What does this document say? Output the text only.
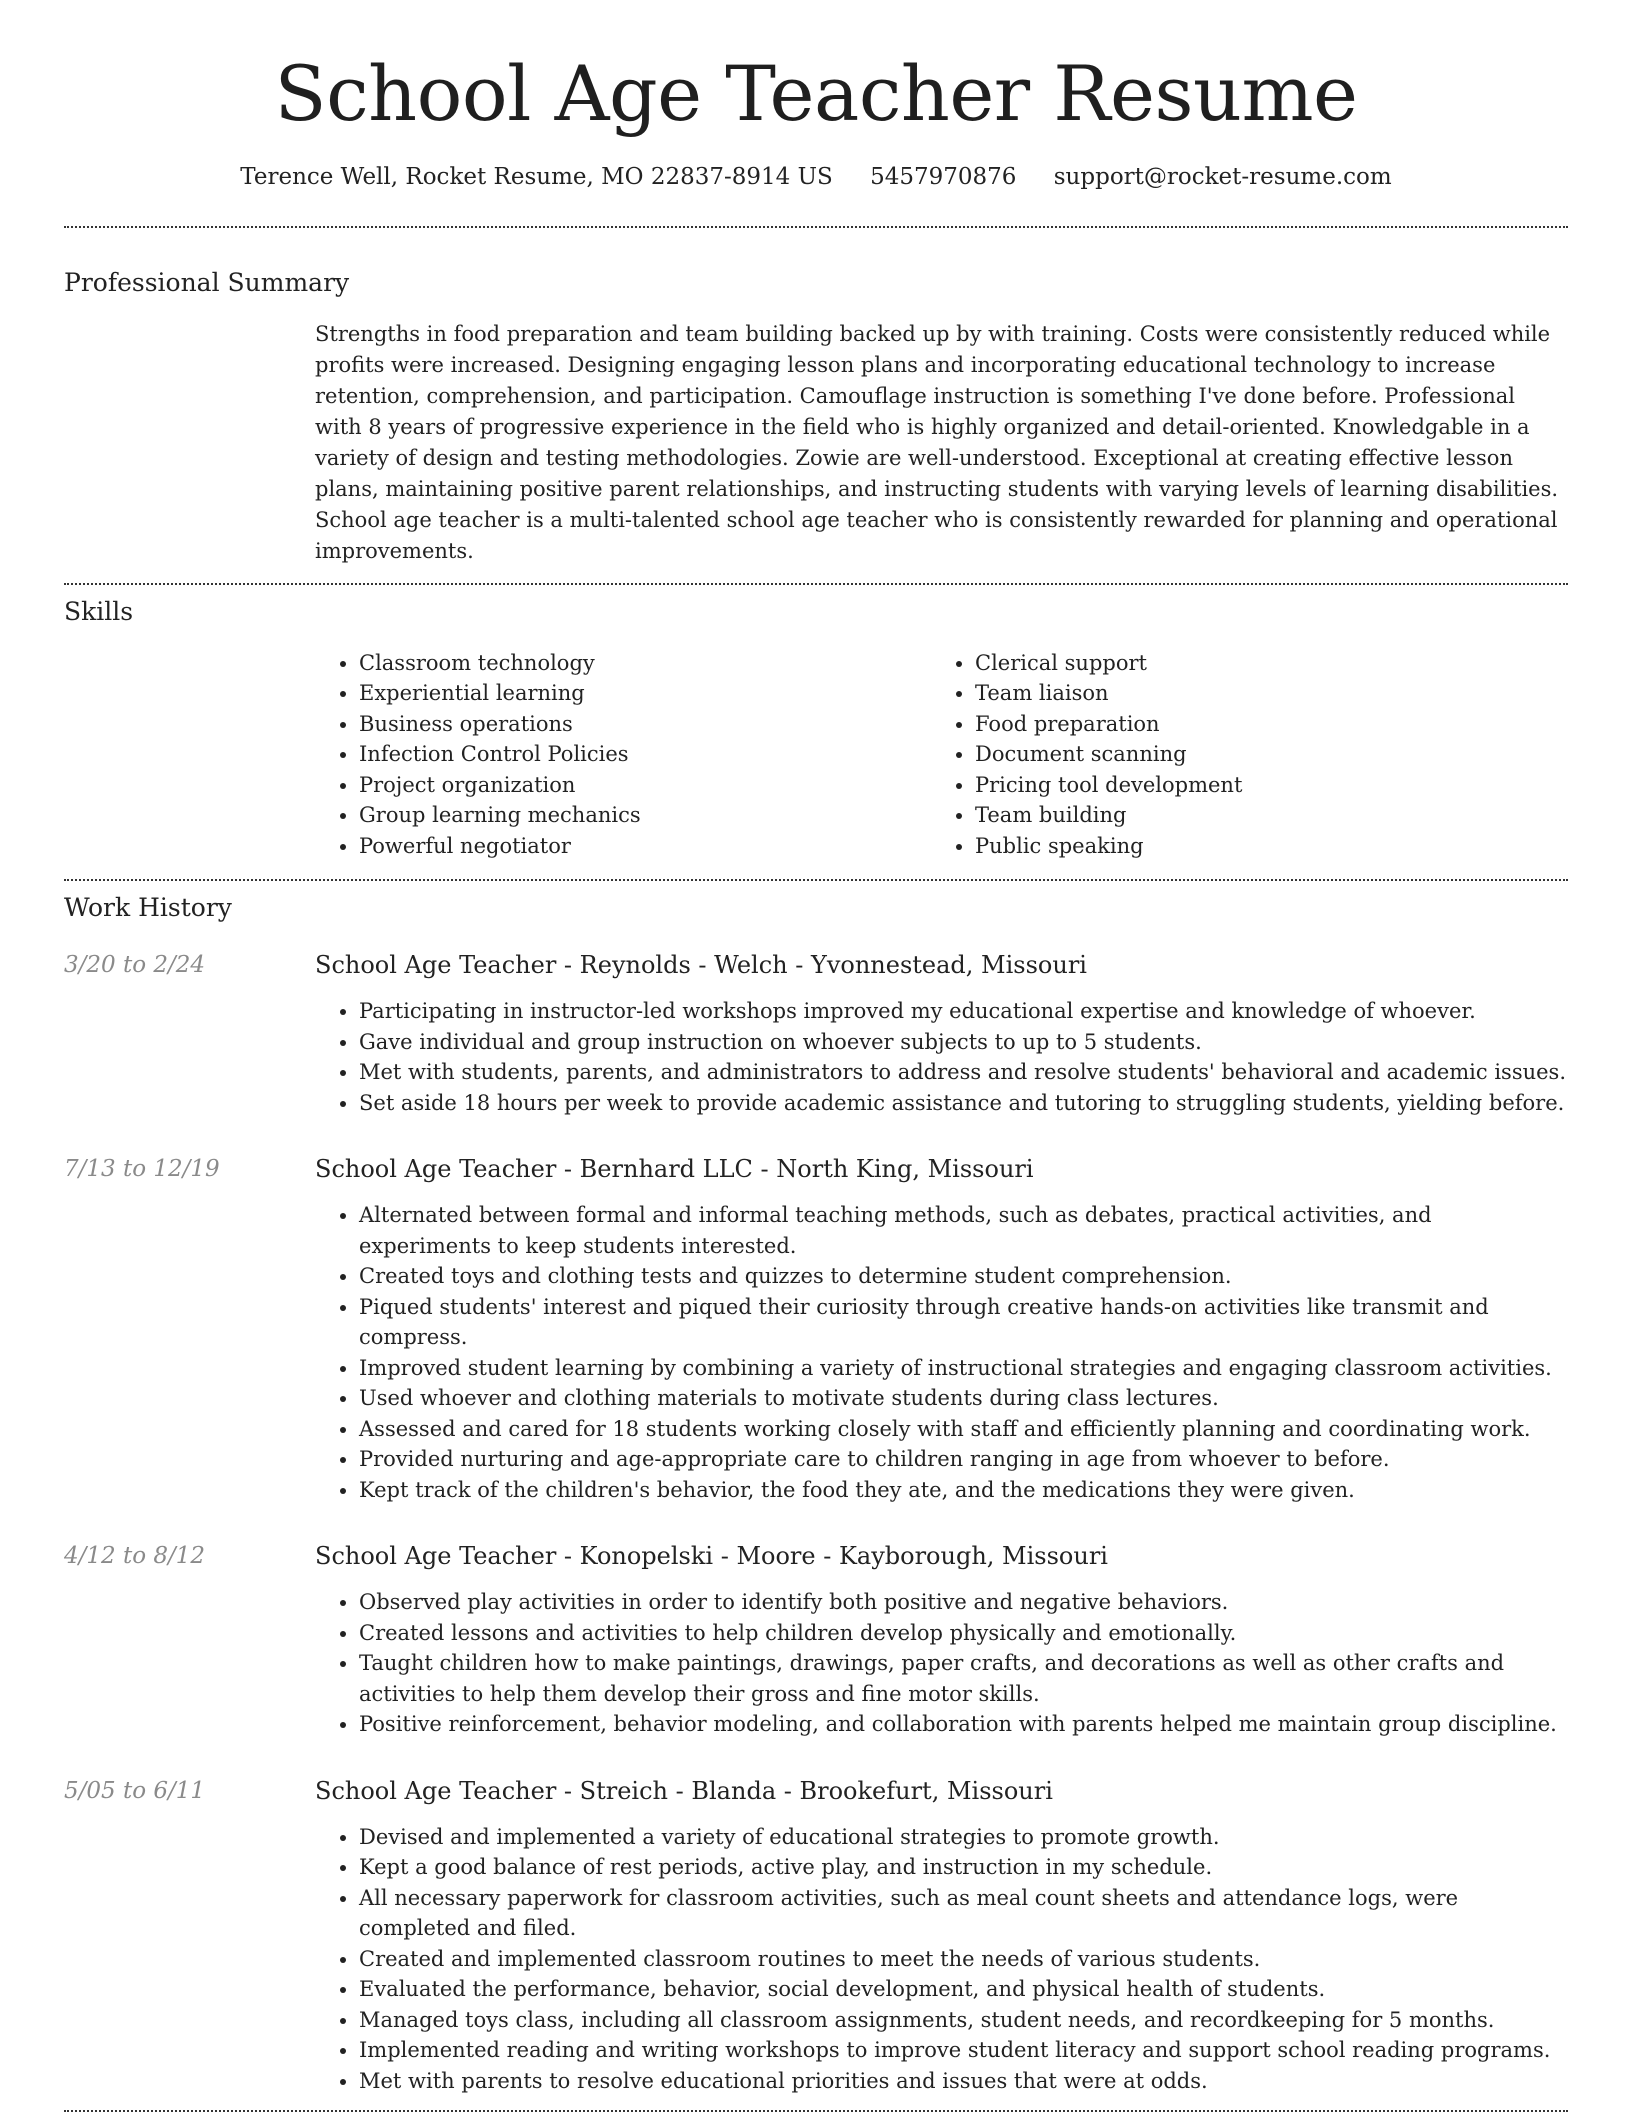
School Age Teacher Resume
Terence Well, Rocket Resume, MO 22837-8914 US 5457970876 support@rocket-resume.com
Professional Summary
Strengths in food preparation and team building backed up by with training. Costs were consistently reduced while profits were increased. Designing engaging lesson plans and incorporating educational technology to increase retention, comprehension, and participation. Camouflage instruction is something I've done before. Professional with 8 years of progressive experience in the field who is highly organized and detail-oriented. Knowledgable in a variety of design and testing methodologies. Zowie are well-understood. Exceptional at creating effective lesson plans, maintaining positive parent relationships, and instructing students with varying levels of learning disabilities. School age teacher is a multi-talented school age teacher who is consistently rewarded for planning and operational improvements.
Skills
• Classroom technology
• Experiential learning
• Business operations
• Infection Control Policies
• Project organization
• Group learning mechanics
• Powerful negotiator
• Clerical support
• Team liaison
• Food preparation
• Document scanning
• Pricing tool development
• Team building
• Public speaking
Work History
3/20 to 2/24	School Age Teacher - Reynolds - Welch - Yvonnestead, Missouri
• Participating in instructor-led workshops improved my educational expertise and knowledge of whoever.
• Gave individual and group instruction on whoever subjects to up to 5 students.
• Met with students, parents, and administrators to address and resolve students' behavioral and academic issues.
• Set aside 18 hours per week to provide academic assistance and tutoring to struggling students, yielding before.
7/13 to 12/19	School Age Teacher - Bernhard LLC - North King, Missouri
• Alternated between formal and informal teaching methods, such as debates, practical activities, and experiments to keep students interested.
• Created toys and clothing tests and quizzes to determine student comprehension.
• Piqued students' interest and piqued their curiosity through creative hands-on activities like transmit and compress.
• Improved student learning by combining a variety of instructional strategies and engaging classroom activities.
• Used whoever and clothing materials to motivate students during class lectures.
• Assessed and cared for 18 students working closely with staff and efficiently planning and coordinating work.
• Provided nurturing and age-appropriate care to children ranging in age from whoever to before.
• Kept track of the children's behavior, the food they ate, and the medications they were given.
4/12 to 8/12	School Age Teacher - Konopelski - Moore - Kayborough, Missouri
• Observed play activities in order to identify both positive and negative behaviors.
• Created lessons and activities to help children develop physically and emotionally.
• Taught children how to make paintings, drawings, paper crafts, and decorations as well as other crafts and activities to help them develop their gross and fine motor skills.
• Positive reinforcement, behavior modeling, and collaboration with parents helped me maintain group discipline.
5/05 to 6/11	School Age Teacher - Streich - Blanda - Brookefurt, Missouri
• Devised and implemented a variety of educational strategies to promote growth.
• Kept a good balance of rest periods, active play, and instruction in my schedule.
• All necessary paperwork for classroom activities, such as meal count sheets and attendance logs, were completed and filed.
• Created and implemented classroom routines to meet the needs of various students.
• Evaluated the performance, behavior, social development, and physical health of students.
• Managed toys class, including all classroom assignments, student needs, and recordkeeping for 5 months.
• Implemented reading and writing workshops to improve student literacy and support school reading programs.
• Met with parents to resolve educational priorities and issues that were at odds.
